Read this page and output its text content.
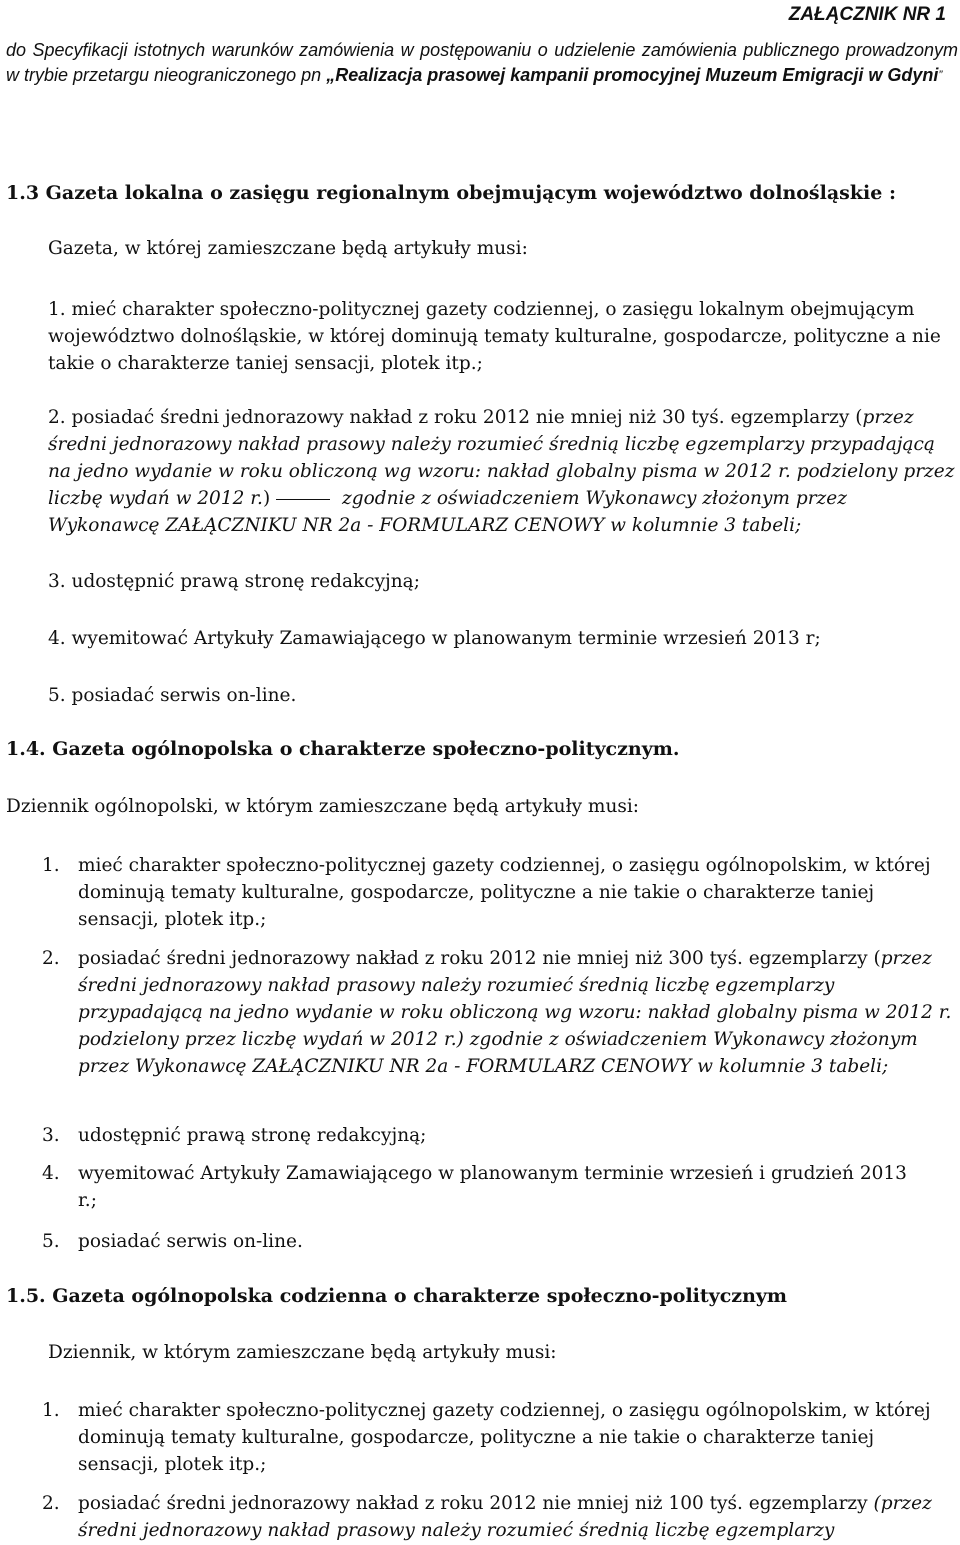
ZAŁĄCZNIK NR 1
do Specyfikacji istotnych warunków zamówienia w postępowaniu o udzielenie zamówienia publicznego prowadzonym w trybie przetargu nieograniczonego pn „Realizacja prasowej kampanii promocyjnej Muzeum Emigracji w Gdyni”
1.3 Gazeta lokalna o zasięgu regionalnym obejmującym województwo dolnośląskie :
Gazeta, w której zamieszczane będą artykuły musi:
1. mieć charakter społeczno-politycznej gazety codziennej, o zasięgu lokalnym obejmującym województwo dolnośląskie, w której dominują tematy kulturalne, gospodarcze, polityczne a nie takie o charakterze taniej sensacji, plotek itp.;
2. posiadać średni jednorazowy nakład z roku 2012 nie mniej niż 30 tyś. egzemplarzy (przez średni jednorazowy nakład prasowy należy rozumieć średnią liczbę egzemplarzy przypadającą na jedno wydanie w roku obliczoną wg wzoru: nakład globalny pisma w 2012 r. podzielony przez liczbę wydań w 2012 r.)	zgodnie z oświadczeniem Wykonawcy złożonym przez Wykonawcę ZAŁĄCZNIKU NR 2a - FORMULARZ CENOWY w kolumnie 3 tabeli;
3. udostępnić prawą stronę redakcyjną;
4. wyemitować Artykuły Zamawiającego w planowanym terminie wrzesień 2013 r;
5. posiadać serwis on-line.
1.4. Gazeta ogólnopolska o charakterze społeczno-politycznym.
Dziennik ogólnopolski, w którym zamieszczane będą artykuły musi:
1. mieć charakter społeczno-politycznej gazety codziennej, o zasięgu ogólnopolskim, w której dominują tematy kulturalne, gospodarcze, polityczne a nie takie o charakterze taniej sensacji, plotek itp.;
2. posiadać średni jednorazowy nakład z roku 2012 nie mniej niż 300 tyś. egzemplarzy (przez średni jednorazowy nakład prasowy należy rozumieć średnią liczbę egzemplarzy przypadającą na jedno wydanie w roku obliczoną wg wzoru: nakład globalny pisma w 2012 r. podzielony przez liczbę wydań w 2012 r.) zgodnie z oświadczeniem Wykonawcy złożonym przez Wykonawcę ZAŁĄCZNIKU NR 2a - FORMULARZ CENOWY w kolumnie 3 tabeli;
3. udostępnić prawą stronę redakcyjną;
4. wyemitować Artykuły Zamawiającego w planowanym terminie wrzesień i grudzień 2013 r.;
5. posiadać serwis on-line.
1.5. Gazeta ogólnopolska codzienna o charakterze społeczno-politycznym
Dziennik, w którym zamieszczane będą artykuły musi:
1. mieć charakter społeczno-politycznej gazety codziennej, o zasięgu ogólnopolskim, w której dominują tematy kulturalne, gospodarcze, polityczne a nie takie o charakterze taniej sensacji, plotek itp.;
2. posiadać średni jednorazowy nakład z roku 2012 nie mniej niż 100 tyś. egzemplarzy (przez średni jednorazowy nakład prasowy należy rozumieć średnią liczbę egzemplarzy
